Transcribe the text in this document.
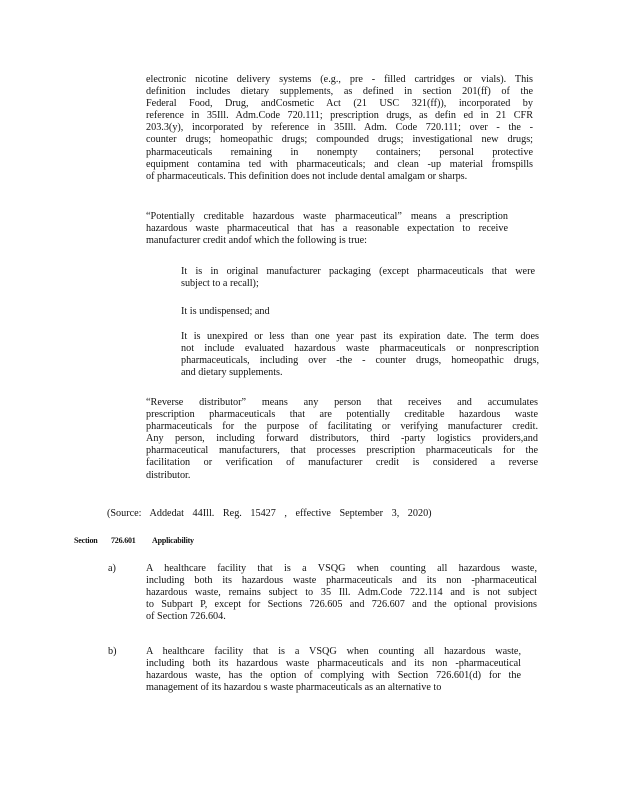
electronic nicotine delivery systems (e.g., pre - filled cartridges or vials). This
definition includes dietary supplements, as defined in section 201(ff) of the
Federal Food, Drug, andCosmetic Act (21 USC 321(ff)), incorporated by
reference in 35Ill. Adm.Code 720.111; prescription drugs, as defin ed in 21 CFR
203.3(y), incorporated by reference in 35Ill. Adm. Code 720.111; over - the -
counter drugs; homeopathic drugs; compounded drugs; investigational new drugs;
pharmaceuticals remaining in nonempty containers; personal protective
equipment contamina ted with pharmaceuticals; and clean -up material fromspills
of pharmaceuticals. This definition does not include dental amalgam or sharps.
“Potentially creditable hazardous waste pharmaceutical” means a prescription
hazardous waste pharmaceutical that has a reasonable expectation to receive
manufacturer credit andof which the following is true:
It is in original manufacturer packaging (except pharmaceuticals that were
subject to a recall);
It is undispensed; and
It is unexpired or less than one year past its expiration date. The term does
not include evaluated hazardous waste pharmaceuticals or nonprescription
pharmaceuticals, including over -the - counter drugs, homeopathic drugs,
and dietary supplements.
“Reverse distributor” means any person that receives and accumulates
prescription pharmaceuticals that are potentially creditable hazardous waste
pharmaceuticals for the purpose of facilitating or verifying manufacturer credit.
Any person, including forward distributors, third -party logistics providers,and
pharmaceutical manufacturers, that processes prescription pharmaceuticals for the
facilitation or verification of manufacturer credit is considered a reverse
distributor.

(Source: Addedat 44Ill. Reg. 15427 , effective September 3, 2020)

Section 726.601 Applicability

a)	A healthcare facility that is a VSQG when counting all hazardous waste,
including both its hazardous waste pharmaceuticals and its non -pharmaceutical
hazardous waste, remains subject to 35 Ill. Adm.Code 722.114 and is not subject
to Subpart P, except for Sections 726.605 and 726.607 and the optional provisions
of Section 726.604.

b)	A healthcare facility that is a VSQG when counting all hazardous waste,
including both its hazardous waste pharmaceuticals and its non -pharmaceutical
hazardous waste, has the option of complying with Section 726.601(d) for the
management of its hazardou s waste pharmaceuticals as an alternative to
